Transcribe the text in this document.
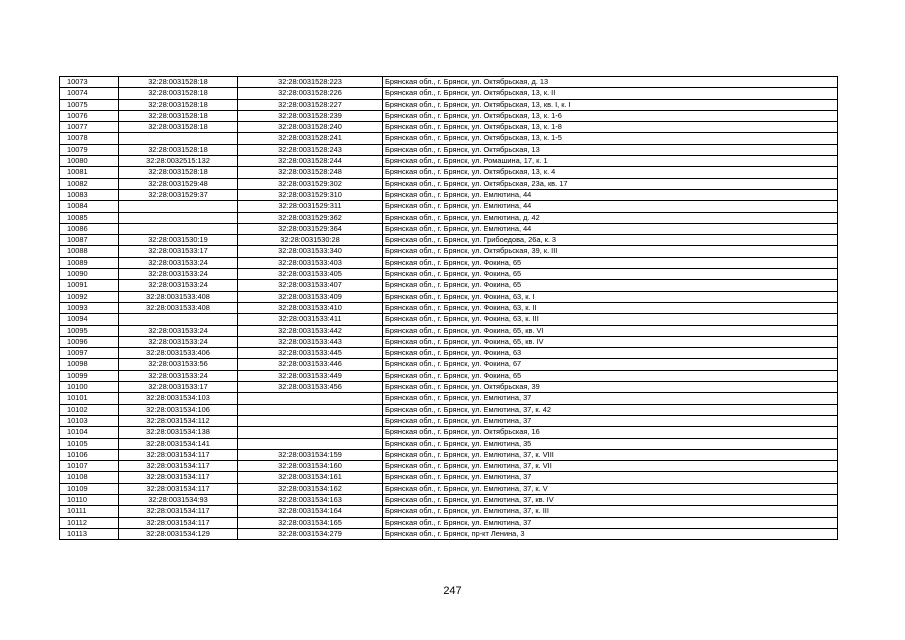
10073	32:28:0031528:18	32:28:0031528:223	Брянская обл., г. Брянск, ул. Октябрьская, д. 13
10074	32:28:0031528:18	32:28:0031528:226	Брянская обл., г. Брянск, ул. Октябрьская, 13, к. II
10075	32:28:0031528:18	32:28:0031528:227	Брянская обл., г. Брянск, ул. Октябрьская, 13, кв. I, к. I
10076	32:28:0031528:18	32:28:0031528:239	Брянская обл., г. Брянск, ул. Октябрьская, 13, к. 1-6
10077	32:28:0031528:18	32:28:0031528:240	Брянская обл., г. Брянск, ул. Октябрьская, 13, к. 1-8
10078		32:28:0031528:241	Брянская обл., г. Брянск, ул. Октябрьская, 13, к. 1-5
10079	32:28:0031528:18	32:28:0031528:243	Брянская обл., г. Брянск, ул. Октябрьская, 13
10080	32:28:0032515:132	32:28:0031528:244	Брянская обл., г. Брянск, ул. Ромашина, 17, к. 1
10081	32:28:0031528:18	32:28:0031528:248	Брянская обл., г. Брянск, ул. Октябрьская, 13, к. 4
10082	32:28:0031529:48	32:28:0031529:302	Брянская обл., г. Брянск, ул. Октябрьская, 23а, кв. 17
10083	32:28:0031529:37	32:28:0031529:310	Брянская обл., г. Брянск, ул. Емлютина, 44
10084		32:28:0031529:311	Брянская обл., г. Брянск, ул. Емлютина, 44
10085		32:28:0031529:362	Брянская обл., г. Брянск, ул. Емлютина, д. 42
10086		32:28:0031529:364	Брянская обл., г. Брянск, ул. Емлютина, 44
10087	32:28:0031530:19	32:28:0031530:28	Брянская обл., г. Брянск, ул. Грибоедова, 26а, к. 3
10088	32:28:0031533:17	32:28:0031533:340	Брянская обл., г. Брянск, ул. Октябрьская, 39, к. III
10089	32:28:0031533:24	32:28:0031533:403	Брянская обл., г. Брянск, ул. Фокина, 65
10090	32:28:0031533:24	32:28:0031533:405	Брянская обл., г. Брянск, ул. Фокина, 65
10091	32:28:0031533:24	32:28:0031533:407	Брянская обл., г. Брянск, ул. Фокина, 65
10092	32:28:0031533:408	32:28:0031533:409	Брянская обл., г. Брянск, ул. Фокина, 63, к. I
10093	32:28:0031533:408	32:28:0031533:410	Брянская обл., г. Брянск, ул. Фокина, 63, к. II
10094		32:28:0031533:411	Брянская обл., г. Брянск, ул. Фокина, 63, к. III
10095	32:28:0031533:24	32:28:0031533:442	Брянская обл., г. Брянск, ул. Фокина, 65, кв. VI
10096	32:28:0031533:24	32:28:0031533:443	Брянская обл., г. Брянск, ул. Фокина, 65, кв. IV
10097	32:28:0031533:406	32:28:0031533:445	Брянская обл., г. Брянск, ул. Фокина, 63
10098	32:28:0031533:56	32:28:0031533:446	Брянская обл., г. Брянск, ул. Фокина, 67
10099	32:28:0031533:24	32:28:0031533:449	Брянская обл., г. Брянск, ул. Фокина, 65
10100	32:28:0031533:17	32:28:0031533:456	Брянская обл., г. Брянск, ул. Октябрьская, 39
10101	32:28:0031534:103		Брянская обл., г. Брянск, ул. Емлютина, 37
10102	32:28:0031534:106		Брянская обл., г. Брянск, ул. Емлютина, 37, к. 42
10103	32:28:0031534:112		Брянская обл., г. Брянск, ул. Емлютина, 37
10104	32:28:0031534:138		Брянская обл., г. Брянск, ул. Октябрьская, 16
10105	32:28:0031534:141		Брянская обл., г. Брянск, ул. Емлютина, 35
10106	32:28:0031534:117	32:28:0031534:159	Брянская обл., г. Брянск, ул. Емлютина, 37, к. VIII
10107	32:28:0031534:117	32:28:0031534:160	Брянская обл., г. Брянск, ул. Емлютина, 37, к. VII
10108	32:28:0031534:117	32:28:0031534:161	Брянская обл., г. Брянск, ул. Емлютина, 37
10109	32:28:0031534:117	32:28:0031534:162	Брянская обл., г. Брянск, ул. Емлютина, 37, к. V
10110	32:28:0031534:93	32:28:0031534:163	Брянская обл., г. Брянск, ул. Емлютина, 37, кв. IV
10111	32:28:0031534:117	32:28:0031534:164	Брянская обл., г. Брянск, ул. Емлютина, 37, к. III
10112	32:28:0031534:117	32:28:0031534:165	Брянская обл., г. Брянск, ул. Емлютина, 37
10113	32:28:0031534:129	32:28:0031534:279	Брянская обл., г. Брянск, пр-кт Ленина, 3
247
